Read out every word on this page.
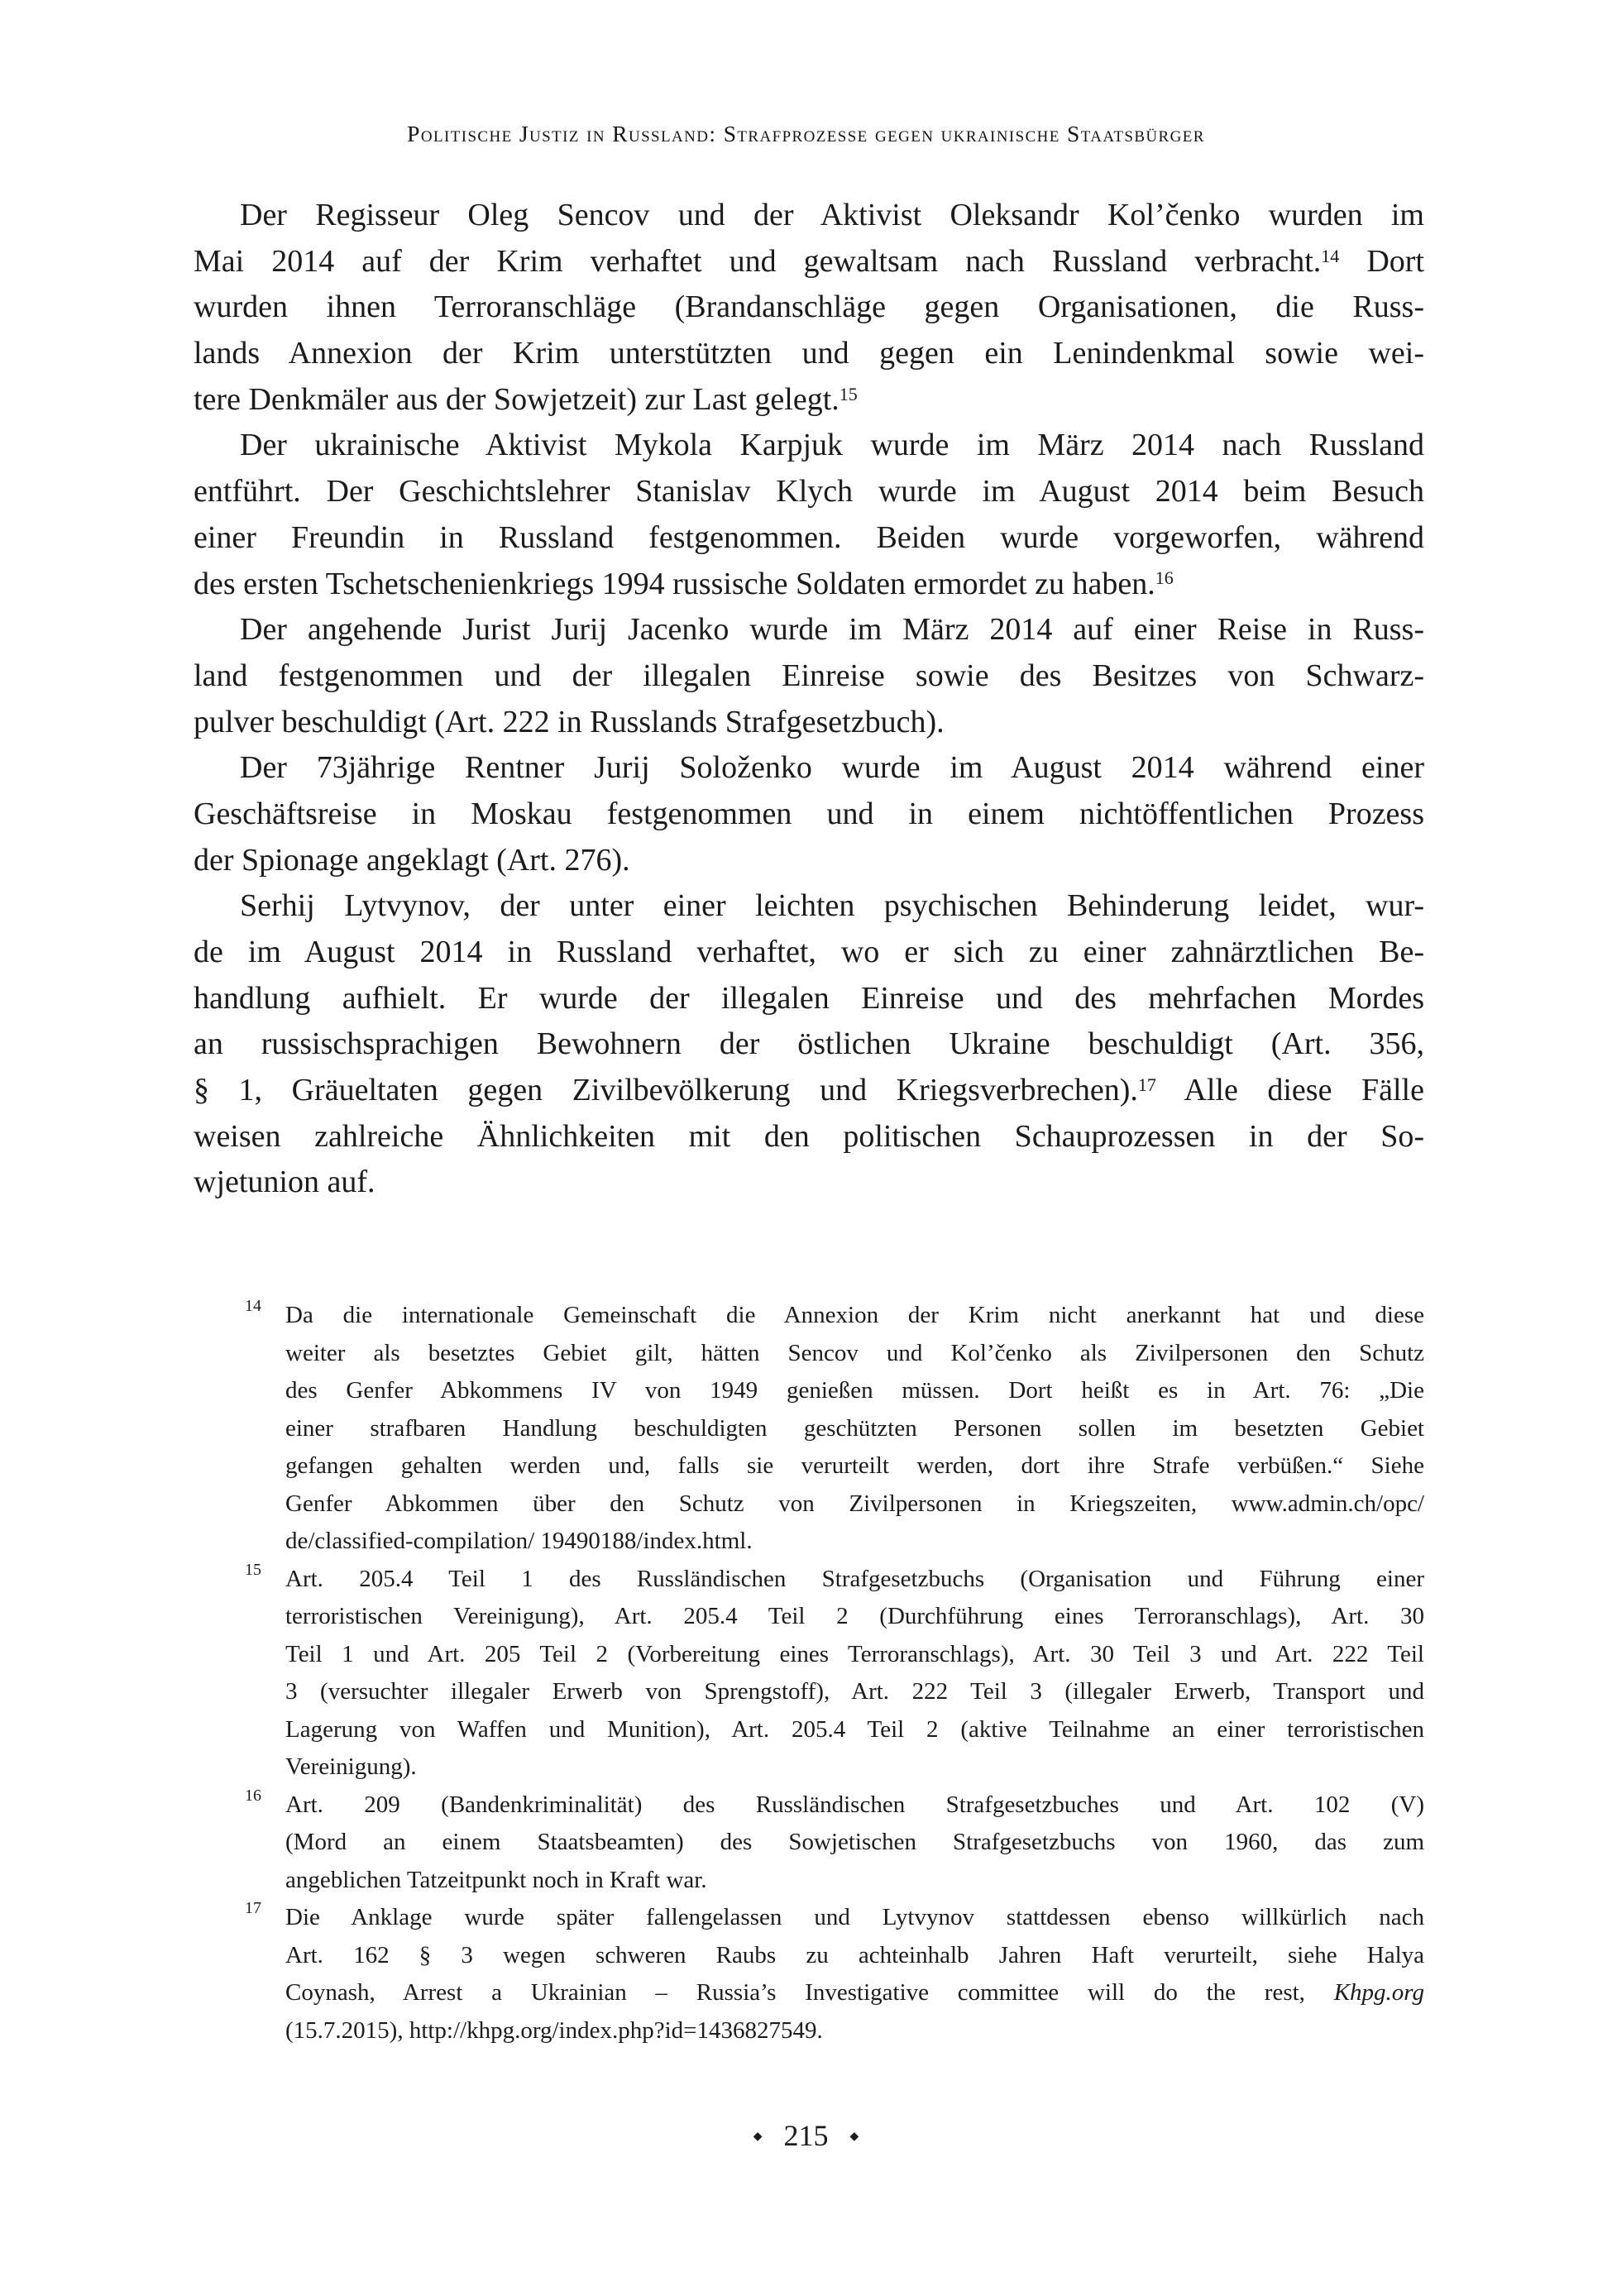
Politische Justiz in Russland: Strafprozesse gegen ukrainische Staatsbürger
Der Regisseur Oleg Sencov und der Aktivist Oleksandr Kol’čenko wurden im
Mai 2014 auf der Krim verhaftet und gewaltsam nach Russland verbracht.$^{14}$ Dort
wurden ihnen Terroranschläge (Brandanschläge gegen Organisationen, die Russ-
lands Annexion der Krim unterstützten und gegen ein Lenindenkmal sowie wei-
tere Denkmäler aus der Sowjetzeit) zur Last gelegt.$^{15}$
Der ukrainische Aktivist Mykola Karpjuk wurde im März 2014 nach Russland
entführt. Der Geschichtslehrer Stanislav Klych wurde im August 2014 beim Besuch
einer Freundin in Russland festgenommen. Beiden wurde vorgeworfen, während
des ersten Tschetschenienkriegs 1994 russische Soldaten ermordet zu haben.$^{16}$
Der angehende Jurist Jurij Jacenko wurde im März 2014 auf einer Reise in Russ-
land festgenommen und der illegalen Einreise sowie des Besitzes von Schwarz-
pulver beschuldigt (Art. 222 in Russlands Strafgesetzbuch).
Der 73jährige Rentner Jurij Soloženko wurde im August 2014 während einer
Geschäftsreise in Moskau festgenommen und in einem nichtöffentlichen Prozess
der Spionage angeklagt (Art. 276).
Serhij Lytvynov, der unter einer leichten psychischen Behinderung leidet, wur-
de im August 2014 in Russland verhaftet, wo er sich zu einer zahnärztlichen Be-
handlung aufhielt. Er wurde der illegalen Einreise und des mehrfachen Mordes
an russischsprachigen Bewohnern der östlichen Ukraine beschuldigt (Art. 356,
§ 1, Gräueltaten gegen Zivilbevölkerung und Kriegsverbrechen).$^{17}$ Alle diese Fälle
weisen zahlreiche Ähnlichkeiten mit den politischen Schauprozessen in der So-
wjetunion auf.
14 Da die internationale Gemeinschaft die Annexion der Krim nicht anerkannt hat und diese
weiter als besetztes Gebiet gilt, hätten Sencov und Kol’čenko als Zivilpersonen den Schutz
des Genfer Abkommens IV von 1949 genießen müssen. Dort heißt es in Art. 76: „Die
einer strafbaren Handlung beschuldigten geschützten Personen sollen im besetzten Gebiet
gefangen gehalten werden und, falls sie verurteilt werden, dort ihre Strafe verbüßen.“ Siehe
Genfer Abkommen über den Schutz von Zivilpersonen in Kriegszeiten, www.admin.ch/opc/
de/classified-compilation/ 19490188/index.html.
15 Art. 205.4 Teil 1 des Russländischen Strafgesetzbuchs (Organisation und Führung einer
terroristischen Vereinigung), Art. 205.4 Teil 2 (Durchführung eines Terroranschlags), Art. 30
Teil 1 und Art. 205 Teil 2 (Vorbereitung eines Terroranschlags), Art. 30 Teil 3 und Art. 222 Teil
3 (versuchter illegaler Erwerb von Sprengstoff), Art. 222 Teil 3 (illegaler Erwerb, Transport und
Lagerung von Waffen und Munition), Art. 205.4 Teil 2 (aktive Teilnahme an einer terroristischen
Vereinigung).
16 Art. 209 (Bandenkriminalität) des Russländischen Strafgesetzbuches und Art. 102 (V)
(Mord an einem Staatsbeamten) des Sowjetischen Strafgesetzbuchs von 1960, das zum
angeblichen Tatzeitpunkt noch in Kraft war.
17 Die Anklage wurde später fallengelassen und Lytvynov stattdessen ebenso willkürlich nach
Art. 162 § 3 wegen schweren Raubs zu achteinhalb Jahren Haft verurteilt, siehe Halya
Coynash, Arrest a Ukrainian – Russia’s Investigative committee will do the rest, Khpg.org
(15.7.2015), http://khpg.org/index.php?id=1436827549.
◆ 215 ◆
